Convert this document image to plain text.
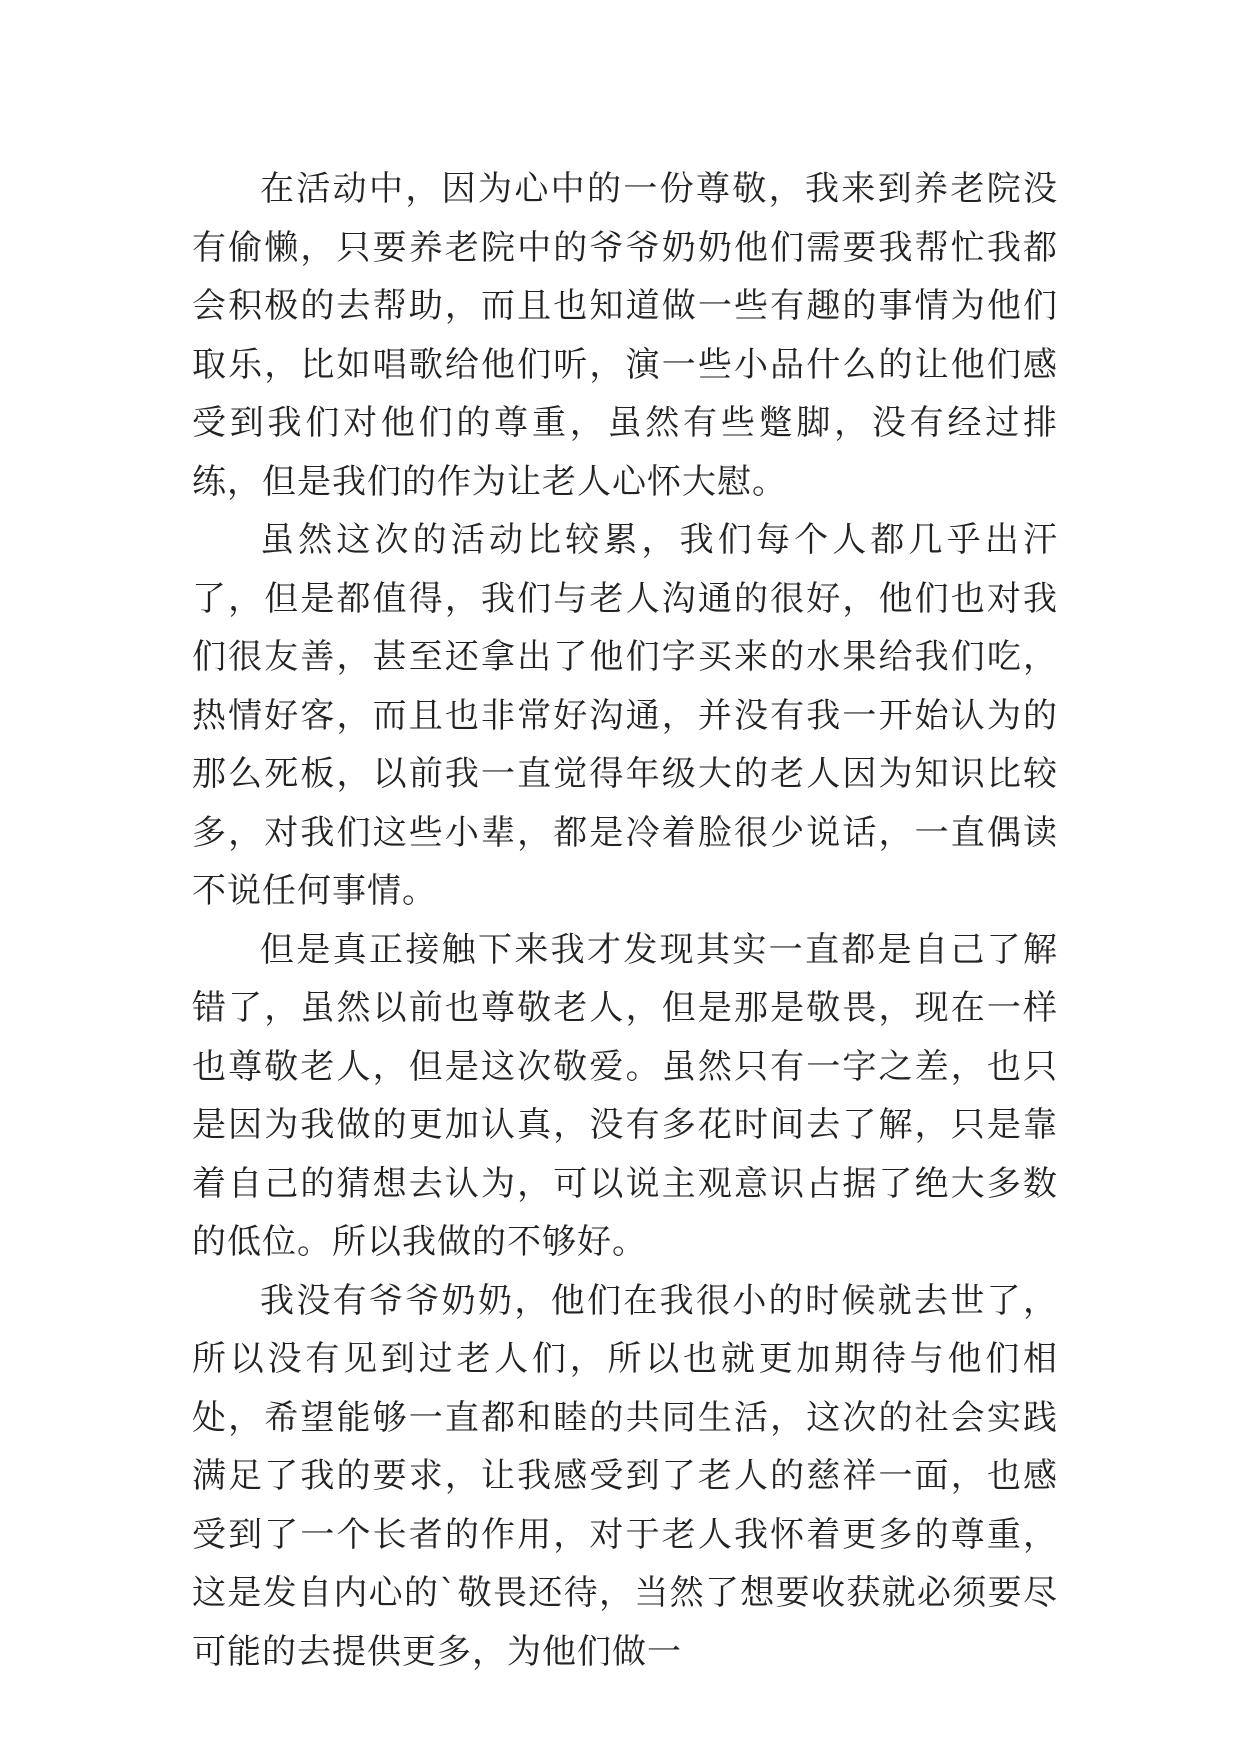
在活动中，因为心中的一份尊敬，我来到养老院没有偷懒，只要养老院中的爷爷奶奶他们需要我帮忙我都会积极的去帮助，而且也知道做一些有趣的事情为他们取乐，比如唱歌给他们听，演一些小品什么的让他们感受到我们对他们的尊重，虽然有些蹩脚，没有经过排练，但是我们的作为让老人心怀大慰。

虽然这次的活动比较累，我们每个人都几乎出汗了，但是都值得，我们与老人沟通的很好，他们也对我们很友善，甚至还拿出了他们字买来的水果给我们吃，热情好客，而且也非常好沟通，并没有我一开始认为的那么死板，以前我一直觉得年级大的老人因为知识比较多，对我们这些小辈，都是冷着脸很少说话，一直偶读不说任何事情。

但是真正接触下来我才发现其实一直都是自己了解错了，虽然以前也尊敬老人，但是那是敬畏，现在一样也尊敬老人，但是这次敬爱。虽然只有一字之差，也只是因为我做的更加认真，没有多花时间去了解，只是靠着自己的猜想去认为，可以说主观意识占据了绝大多数的低位。所以我做的不够好。

我没有爷爷奶奶，他们在我很小的时候就去世了，所以没有见到过老人们，所以也就更加期待与他们相处，希望能够一直都和睦的共同生活，这次的社会实践满足了我的要求，让我感受到了老人的慈祥一面，也感受到了一个长者的作用，对于老人我怀着更多的尊重，这是发自内心的`敬畏还待，当然了想要收获就必须要尽可能的去提供更多，为他们做一
